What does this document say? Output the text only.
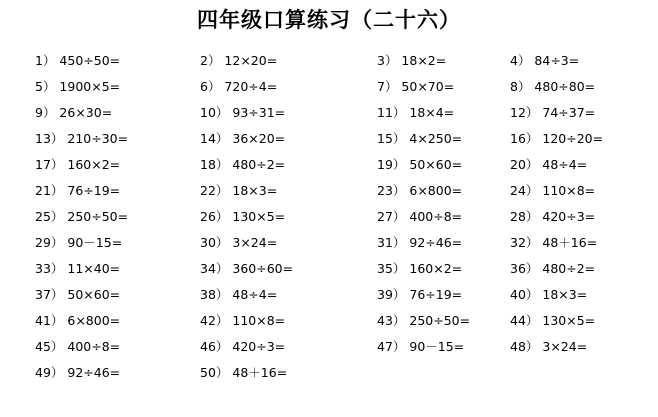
四年级口算练习（二十六）
1） 450÷50=	2） 12×20=	3） 18×2=	4） 84÷3=
5） 1900×5=	6） 720÷4=	7） 50×70=	8） 480÷80=
9） 26×30=	10） 93÷31=	11） 18×4=	12） 74÷37=
13） 210÷30=	14） 36×20=	15） 4×250=	16） 120÷20=
17） 160×2=	18） 480÷2=	19） 50×60=	20） 48÷4=
21） 76÷19=	22） 18×3=	23） 6×800=	24） 110×8=
25） 250÷50=	26） 130×5=	27） 400÷8=	28） 420÷3=
29） 90－15=	30） 3×24=	31） 92÷46=	32） 48＋16=
33） 11×40=	34） 360÷60=	35） 160×2=	36） 480÷2=
37） 50×60=	38） 48÷4=	39） 76÷19=	40） 18×3=
41） 6×800=	42） 110×8=	43） 250÷50=	44） 130×5=
45） 400÷8=	46） 420÷3=	47） 90－15=	48） 3×24=
49） 92÷46=	50） 48＋16=
